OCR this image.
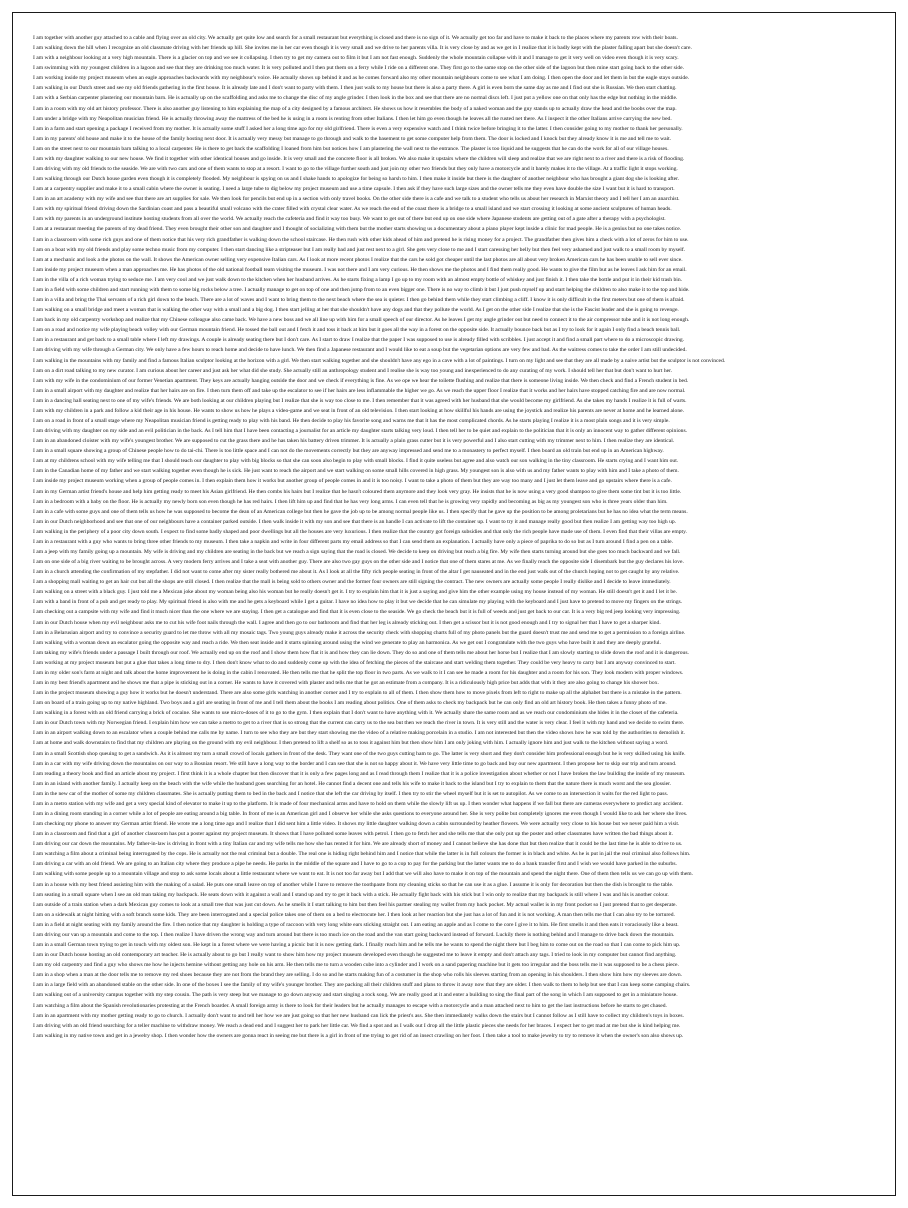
I am together with another guy attached to a cable and flying over an old city. We actually get quite low and search for a small restaurant but everything is closed and there is no sign of it. We actually get too far and have to make it back to the places where my parents row with their boats.

I am walking down the hill when I recognize an old classmate driving with her friends up hill. She invites me in her car even though it is very small and we drive to her parents villa. It is very close by and as we get in I realize that it is badly kept with the plaster falling apart but she doesn't care.

I am with a neighbour looking at a very high mountain. There is a glacier on top and we see it collapsing. I then try to get my camera out to film it but I am not fast enough. Suddenly the whole mountain collapse with it and I manage to get it very well on video even though it is very scary.

I am swimming with my youngest children in a lagoon and see that they are drinking too much water. It is very polluted and I then put them on a ferry while I ride on a different one. They first go to the same stop on the other side of the lagoon but then mine start going back to the other side.

I am working inside my project museum when an eagle approaches backwards with my neighbour's voice. He actually shows up behind it and as he comes forward also my other mountain neighbours come to see what I am doing. I then open the door and let them in but the eagle stays outside.

I am walking in our Dutch street and see my old friends gathering in the first house. It is already late and I don't want to party with them. I then just walk to my house but there is also a party there. A girl is even born the same day as me and I find out she is Russian. We then start chatting.

I am with a Serbian carpenter plastering our mountain barn. He is actually up on the scaffolding and asks me to change the disc of my angle grinder. I then look in the box and see that there are no normal discs left. I just put a yellow one on that only has the edge but nothing in the middle.

I am in a room with my old art history professor. There is also another guy listening to him explaining the map of a city designed by a famous architect. He shows us how it resembles the body of a naked woman and the guy stands up to actually draw the head and the boobs over the map.

I am under a bridge with my Neapolitan musician friend. He is actually throwing away the mattress of the bed he is using in a room is renting from other Italians. I then let him go even though he leaves all the rusted net there. As I inspect it the other Italians arrive carrying the new bed.

I am in a farm and start opening a package I received from my mother. It is actually some stuff I asked her a long time ago for my old girlfriend. There is even a very expensive watch and I think twice before bringing it to the latter. I then consider going to my mother to thank her personally.

I am in my parents' old house and make it to the house of the family hosting next door. It is actually very messy but manage to go through and walk to the basement to get some computer help from them. The door is locked and I knock but they already know it is me and tell me to wait.

I am on the street next to our mountain barn talking to a local carpenter. He is there to get back the scaffolding I loaned from him but notices how I am plastering the wall next to the entrance. The plaster is too liquid and he suggests that he can do the work for all of our village houses.

I am with my daughter walking to our new house. We find it together with other identical houses and go inside. It is very small and the concrete floor is all broken. We also make it upstairs where the children will sleep and realize that we are right next to a river and there is a risk of flooding.

I am driving with my old friends to the seaside. We are with two cars and one of them wants to stop at a resort. I want to go to the village further south and just join my other two friends but they only have a motorcycle and it barely makes it to the village. At a traffic light it stops working.

I am walking through our Dutch house garden even though it is completely flooded. My neighbour is spying on us and I shake hands to apologize for being so harsh to him. I then make it inside but there is the daughter of another neighbour who has brought a giant dog she is looking after.

I am at a carpentry supplier and make it to a small cabin where the owner is seating. I need a large tube to dig below my project museum and use a time capsule. I then ask if they have such large sizes and the owner tells me they even have double the size I want but it is hard to transport.

I am in an art academy with my wife and see that there are art supplies for sale. We then look for pencils but end up in a section with only travel books. On the other side there is a cafe and we talk to a student who tells us about her research in Marxist theory and I tell her I am an anarchist.

I am with my spiritual friend driving down the Sardinian coast and pass a beautiful small volcano with the crater filled with crystal clear water. As we reach the end of the coast there is a bridge to a small island and we start crossing it looking at some ancient sculptures of human heads.

I am with my parents in an underground institute hosting students from all over the world. We actually reach the cafeteria and find it way too busy. We want to get out of there but end up on one side where Japanese students are getting out of a gate after a therapy with a psychologist.

I am at a restaurant meeting the parents of my dead friend. They even brought their other son and daughter and I thought of socializing with them but the mother starts showing us a documentary about a piano player kept inside a clinic for mad people. He is a genius but no one takes notice.

I am in a classroom with some rich guys and one of them notice that his very rich grandfather is walking down the school staircase. He then rush with other kids ahead of him and pretend he is rising money for a project. The grandfather then gives him a check with a lot of zeros for him to use.

I am on a boat with my old friends and play some techno music from my computer. I then start dancing like a stripteaser but I am really bad and just rest next to a girl. She gets very close to me and I start caressing her belly but then feel very ashamed and just walk to a small room by myself.

I am at a mechanic and look a the photos on the wall. It shows the American owner selling very expensive Italian cars. As I look at more recent photos I realize that the cars he sold got cheaper until the last photos are all about very broken American cars he has been unable to sell ever since.

I am inside my project museum when a man approaches me. He has photos of the old national football team visiting the museum. I was not there and I am very curious. He then shows me the photos and I find them really good. He wants to give the film but as he leaves I ask him for an email.

I am in the villa of a rich woman trying to seduce me. I am very cool and we just walk down to the kitchen when her husband arrives. As he starts fixing a lamp I go up to my room with an almost empty bottle of whiskey and just finish it. I then take the bottle and put it in their kid trash bin.

I am in a field with some children and start running with them to some big rocks below a tree. I actually manage to get on top of one and then jump from to an even bigger one. There is no way to climb it but I just push myself up and start helping the children to also make it to the top and hide.

I am in a villa and bring the Thai servants of a rich girl down to the beach. There are a lot of waves and I want to bring them to the next beach where the sea is quieter. I then go behind them while they start climbing a cliff. I know it is only difficult in the first meters but one of them is afraid.

I am walking on a small bridge and meet a woman that is walking the other way with a small and a big dog. I then start jelling at her that she shouldn't have any dogs and that they pollute the world. As I get on the other side I realize that she is the Fascist leader and she is going to revenge.

I am back in my old carpentry workshop and realize that my Chinese colleague also came back. We have a new boss and we all line up with him for a small speech of our director. As he leaves I get my angle grinder out but need to connect it to the air compressor tube and it is not long enough.

I am on a road and notice my wife playing beach volley with our German mountain friend. He tossed the ball out and I fetch it and toss it back at him but it goes all the way in a forest on the opposite side. It actually bounce back but as I try to look for it again I only find a beach tennis ball.

I am in a restaurant and get back to a small table where I left my drawings. A couple is already seating there but I don't care. As I start to draw I realize that the paper I was supposed to use is already filled with scribbles. I just accept it and find a small part where to do a microscopic drawing.

I am driving with my wife through a German city. We only have a few hours to reach home and decide to have lunch. We then find a Japanese restaurant and I would like to eat a soup but the vegetarian options are very few and bad. As the waitress comes to take the order I am still undecided.

I am walking in the mountains with my family and find a famous Italian sculptor looking at the horizon with a girl. We then start walking together and she shouldn't have any ego in a cave with a lot of paintings. I turn on my light and see that they are all made by a naive artist but the sculptor is not convinced.

I am on a dirt road talking to my new curator. I am curious about her career and just ask her what did she study. She actually still an anthropology student and I realise she is way too young and inexperienced to do any curating of my work. I should tell her that but don't want to hurt her.

I am with my wife in the condominium of our former Venetian apartment. They keys are actually hanging outside the door and we check if everything is fine. As we ope we hear the toilette flushing and realize that there is someone living inside. We then check and find a French student in bed.

I am in a small airport with my daughter and realize that her hairs are on fire. I then turn them off and take up the escalator to see if her hairs are less inflammable the higher we go. As we reach the upper floor I realize that it works and her hairs have stopped catching fire and are now normal.

I am in a dancing hall seating next to one of my wife's friends. We are both looking at our children playing but I realize that she is way too close to me. I then remember that it was agreed with her husband that she would become my girlfriend. As she takes my hands I realize it is full of warts.

I am with my children in a park and follow a kid their age in his house. He wants to show us how he plays a video-game and we seat in front of an old television. I then start looking at how skillful his hands are using the joystick and realize his parents are never at home and he learned alone.

I am on a road in front of a small stage where my Neapolitan musician friend is getting ready to play with his band. He then decide to play his favorite song and warns me that it has the most complicated chords. As he starts playing I realize it is a most plain songs and it is very simple.

I am driving with my daughter on my side and an evil politician in the back. As I tell him that I have been contacting a journalist for an article my daughter starts talking very loud. I then tell her to be quiet and explain to the politician that it is only an innocent way to gather different opinions.

I am in an abandoned cloister with my wife's youngest brother. We are supposed to cut the grass there and he has taken his battery driven trimmer. It is actually a plain grass cutter but it is very powerful and I also start cutting with my trimmer next to him. I then realize they are identical.

I am in a small square showing a group of Chinese people how to do tai-chi. There is too little space and I can not do the movements correctly but they are anyway impressed and send me to a monastery to perfect myself. I then board an old train but end up in an American highway.

I am at my childrens school with my wife telling me that I should teach our daughter to play with big blocks so that she can soon also begin to play with small blocks. I find it quite useless but agree and also watch our son walking in the tiny classroom. He starts crying and I want him out.

I am in the Canadian home of my father and we start walking together even though he is sick. He just want to reach the airport and we start walking on some small hills covered in high grass. My youngest son is also with us and my father wants to play with him and I take a photo of them.

I am inside my project museum working when a group of people comes in. I then explain them how it works but another group of people comes in and it is too noisy. I want to take a photo of them but they are way too many and I just let them leave and go upstairs where there is a cafe.

I am in my German artist friend's house and help him getting ready to meet his Asian girlfriend. He then combs his hairs but I realize that he hasn't coloured them anymore and they look very gray. He insists that he is now using a very good shampoo to give them some tint but it is too little.

I am in a bedroom with a baby on the floor. He is actually my newly born son even though he has red hairs. I then lift him up and find that he has very long arms. I can even tell that he is growing very rapidly and becoming as big as my youngest son who is three years older than him.

I am in a cafe with some guys and one of them tells us how he was supposed to become the dean of an American college but then he gave the job up to be among normal people like us. I then specify that he gave up the position to be among proletarians but he has no idea what the term means.

I am in our Dutch neighborhood and see that one of our neighbours have a container parked outside. I then walk inside it with my son and see that there is an handle I can activate to lift the container up. I want to try it and manage really good but then realize I am getting way too high up.

I am walking in the periphery of a poor city down south. I expect to find some badly shaped and poor dwellings but all the houses are very luxurious. I then realize that the country got foreign subsidies and that only the rich people have made use of them. I even find that their villas are empty.

I am in a restaurant with a guy who wants to bring three other friends to my museum. I then take a napkin and write in four different parts my email address so that I can send them an explanation. I actually have only a piece of paprika to do so but as I turn around I find a pen on a table.

I am a jeep with my family going up a mountain. My wife is driving and my children are seating in the back but we reach a sign saying that the road is closed. We decide to keep on driving but reach a big fire. My wife then starts turning around but she goes too much backward and we fall.

I am on one side of a big river waiting to be brought across. A very modern ferry arrives and I take a seat with another guy. There are also two gay guys on the other side and I notice that one of them stares at me. As we finally reach the opposite side I disembark but the guy declares his love.

I am in a church attending the confirmation of my stepfather. I did not want to come after my sister really bothered me about it. As I look at all the fifty rich people seating in front of the altar I get nauseated and in the end just walk out of the church hoping not to get caught by any relative.

I am a shopping mall waiting to get an hair cut but all the shops are still closed. I then realize that the mall is being sold to others owner and the former four owners are still signing the contract. The new owners are actually some people I really dislike and I decide to leave immediately.

I am walking on a street with a black guy. I just told me a Mexican joke about my woman being also his woman but he really doesn't get it. I try to explain him that it is just a saying and give him the other example using my house instead of my woman. He still doesn't get it and I let it be.

I am with a band in front of a pub and get ready to play. My spiritual friend is also with me and he gets a keyboard while I get a guitar. I have no idea how to play it but we decide that he can simulate my playing with the keyboard and I just have to pretend to move my fingers on the strings.

I am checking out a campsite with my wife and find it much nicer than the one where we are staying. I then get a catalogue and find that it is even close to the seaside. We go check the beach but it is full of weeds and just get back to our car. It is a very big red jeep looking very impressing.

I am in our Dutch house when my evil neighbour asks me to cut his wife foot nails through the wall. I agree and then go to our bathroom and find that her leg is already sticking out. I then get a scissor but it is not good enough and I try to signal her that I have to get a sharper kind.

I am in a Belarusian airport and try to convince a security guard to let me throw with all my mosaic tags. Two young guys already make it across the security check with shopping charts full of my photo panels but the guard doesn't trust me and send me to get a permission to a foreign airline.

I am walking with a woman down an escalator going the opposite way and reach a ride. We then seat inside and it starts spinning around using the wind we generate to play an harmonica. As we get out I congratulate with the two guys who have built it and they are deeply grateful.

I am taking my wife's friends under a passage I built through our roof. We actually end up on the roof and I show them how flat it is and how they can lie down. They do so and one of them tells me about her horse but I realize that I am slowly starting to slide down the roof and it is dangerous.

I am working at my project museum but put a glue that takes a long time to dry. I then don't know what to do and suddenly come up with the idea of fetching the pieces of the staircase and start welding them together. They could be very heavy to carry but I am anyway convinced to start.

I am in my older son's farm at night and talk about the home improvement he is doing in the cabin I renovated. He then tells me that he split the top floor in two parts. As we walk to it I can see he made a room for his daughter and a room for his son. They look modern with proper windows.

I am in my best friend's apartment and he shows me that a pipe is sticking out in a corner. He wants to have it covered with plaster and tells me that he got an estimate from a company. It is a ridiculously high price but adds that with it they are also going to change his shower box.

I am in the project museum showing a guy how it works but he doesn't understand. There are also some girls watching in another corner and I try to explain to all of them. I then show them how to move pixels from left to right to make up all the alphabet but there is a mistake in the pattern.

I am on board of a train going up to my native highland. Two boys and a girl are seating in front of me and I tell them about the books I am reading about politics. One of them asks to check my backpack but he can only find an old art history book. He then takes a funny photo of me.

I am walking in a forest with an old friend carrying a brick of cocaine. She wants to use micro-doses of it to go to the gym. I then explain that I don't want to have anything with it. We actually share the same room and as we reach our condominium she hides it in the closet of the cafeteria.

I am in our Dutch town with my Norwegian friend. I explain him how we can take a metro to get to a river that is so strong that the current can carry us to the sea but then we reach the river in town. It is very still and the water is very clear. I feel it with my hand and we decide to swim there.

I am in an airport walking down to an escalator when a couple behind me calls me by name. I turn to see who they are but they start showing me the video of a relative making porcelain in a studio. I am not interested but then the video shows how he was told by the authorities to demolish it.

I am at home and walk downstairs to find that my children are playing on the ground with my evil neighbour. I then pretend to lift a shelf so as to toss it against him but then show him I am only joking with him. I actually ignore him and just walk to the kitchen without saying a word.

I am in a small Scottish shop queuing to get a sandwich. As it is almost my turn a small crowd of locals gathers in front of the desk. They want one of the two guys cutting ham to go. The latter is very short and they don't consider him professional enough but he is very skilled using his knife.

I am in a car with my wife driving down the mountains on our way to a Bosnian resort. We still have a long way to the border and I can see that she is not so happy about it. We have very little time to go back and buy our new apartment. I then propose her to skip our trip and turn around.

I am reading a theory book and find an article about my project. I first think it is a whole chapter but then discover that it is only a few pages long and as I read through them I realize that it is a police investigation about whether or not I have broken the law building the inside of my museum.

I am in an island with another family. I actually keep on the beach with the wife while the husband goes searching for an hotel. He cannot find a decent one and tells his wife to make it back to the island but I try to explain to them that the nature there is much worst and the sea glossier.

I am in the new car of the mother of some my children classmates. She is actually putting them to bed in the back and I notice that she left the car driving by itself. I then try to stir the wheel myself but it is set to autopilot. As we come to an intersection it waits for the red light to pass.

I am in a metro station with my wife and get a very special kind of elevator to make it up to the platform. It is made of four mechanical arms and have to hold on them while the slowly lift us up. I then wonder what happens if we fall but there are cameras everywhere to predict any accident.

I am in a dining room standing in a corner while a lot of people are eating around a big table. In front of me is an American girl and I observe her while she asks questions to everyone around her. She is very polite but completely ignores me even though I would like to ask her where she lives.

I am checking my phone to answer my German artist friend. He wrote me a long time ago and I realize that I did sent him a little video. It shows my little daughter walking down a cabin surrounded by heather flowers. We were actually very close to his house but we never paid him a visit.

I am in a classroom and find that a girl of another classroom has put a poster against my project museum. It shows that I have polluted some leaves with petrol. I then go to fetch her and she tells me that she only put up the poster and other classmates have written the bad things about it.

I am driving our car down the mountains. My father-in-law is driving in front with a tiny Italian car and my wife tells me how she has rented it for him. We are already short of money and I cannot believe she has done that but then realize that it could be the last time he is able to drive to us.

I am watching a film about a criminal being interrogated by the cops. He is actually not the real criminal but a double. The real one is hiding right behind him and I notice that while the latter is in full colours the former is in black and white. As he is put in jail the real criminal also follows him.

I am driving a car with an old friend. We are going to an Italian city where they produce a pipe he needs. He parks in the middle of the square and I have to go to a cop to pay for the parking but the latter wants me to do a bank transfer first and I wish we would have parked in the suburbs.

I am walking with some people up to a mountain village and stop to ask some locals about a little restaurant where we want to eat. It is not too far away but I add that we will also have to make it on top of the mountain and spend the night there. One of them then tells us we can go up with them.

I am in a house with my best friend assisting him with the making of a salad. He puts one small leave on top of another while I have to remove the toothpaste from my cleaning sticks so that he can use it as a glue. I assume it is only for decoration but then the dish is brought to the table.

I am seating in a small square when I see an old man taking my backpack. He seats down with it against a wall and I stand up and try to get it back with a stick. He actually fight back with his stick but I win only to realize that my backpack is still where I was and his is another colour.

I am outside of a train station when a dark Mexican guy comes to look at a small tree that was just cut down. As he smells it I start talking to him but then feel his partner stealing my wallet from my back pocket. My actual wallet is in my front pocket so I just pretend that to get desperate.

I am on a sidewalk at night hitting with a soft branch some kids. They are been interrogated and a special police takes one of them on a bed to electrocute her. I then look at her reaction but she just has a lot of fun and it is not working. A man then tells me that I can also try to be tortured.

I am in a field at night seating with my family around the fire. I then notice that my daughter is holding a type of raccoon with very long white ears sticking straight out. I am eating an apple and as I come to the core I give it to him. He first smells it and then eats it voraciously like a beast.

I am driving our van up a mountain and come to the top. I then realize I have driven the wrong way and turn around but there is too much ice on the road and the van start going backward instead of forward. Luckily there is nothing behind and I manage to drive back down the mountain.

I am in a small German town trying to get in touch with my oldest son. He kept in a forest where we were having a picnic but it is now getting dark. I finally reach him and he tells me he wants to spend the night there but I beg him to come out on the road so that I can come to pick him up.

I am in our Dutch house hosting an old contemporary art teacher. He is actually about to go but I really want to show him how my project museum developed even though he suggested me to leave it empty and don't attach any tags. I tried to look in my computer but cannot find anything.

I am my old carpentry and find a guy who shows me how he injects hemine without getting any hole on his arm. He then tells me to turn a wooden cube into a cylinder and I work on a sand papering machine but it gets too irregular and the boss tells me it was supposed to be a chess piece.

I am in a shop when a man at the door tells me to remove my red shoes because they are not from the brand they are selling. I do so and he starts making fun of a costumer in the shop who rolls his sleeves starting from an opening in his shoulders. I then show him how my sleeves are down.

I am in a large field with an abandoned stable on the other side. In one of the boxes I see the family of my wife's younger brother. They are packing all their children stuff and plans to throw it away now that they are older. I then walk to them to help but see that I can keep some camping chairs.

I am walking out of a university campus together with my step cousin. The path is very steep but we manage to go down anyway and start singing a rock song. We are really good at it and enter a building to sing the final part of the song in which I am supposed to get in a miniature house.

I am watching a film about the Spanish revolutionaries protesting at the French boarder. A small foreign army is there to look for their leaders but he actually manages to escape with a motorcycle and a man attached next to him to get the last instructions before he starts to get chased.

I am in an apartment with my mother getting ready to go to church. I actually don't want to and tell her how we are just going so that her new husband can lick the priest's ass. She then immediately walks down the stairs but I cannot follow as I still have to collect my children's toys in boxes.

I am driving with an old friend searching for a teller machine to withdraw money. We reach a dead end and I suggest her to park her little car. We find a spot and as I walk out I drop all the little plastic pieces she needs for her braces. I expect her to get mad at me but she is kind helping me.

I am walking in my native town and get in a jewelry shop. I then wonder how the owners are gonna react in seeing me but there is a girl in front of me trying to get rid of an insect crawling on her foot. I then take a tool to make jewelry to try to remove it when the owner's son also shows up.
